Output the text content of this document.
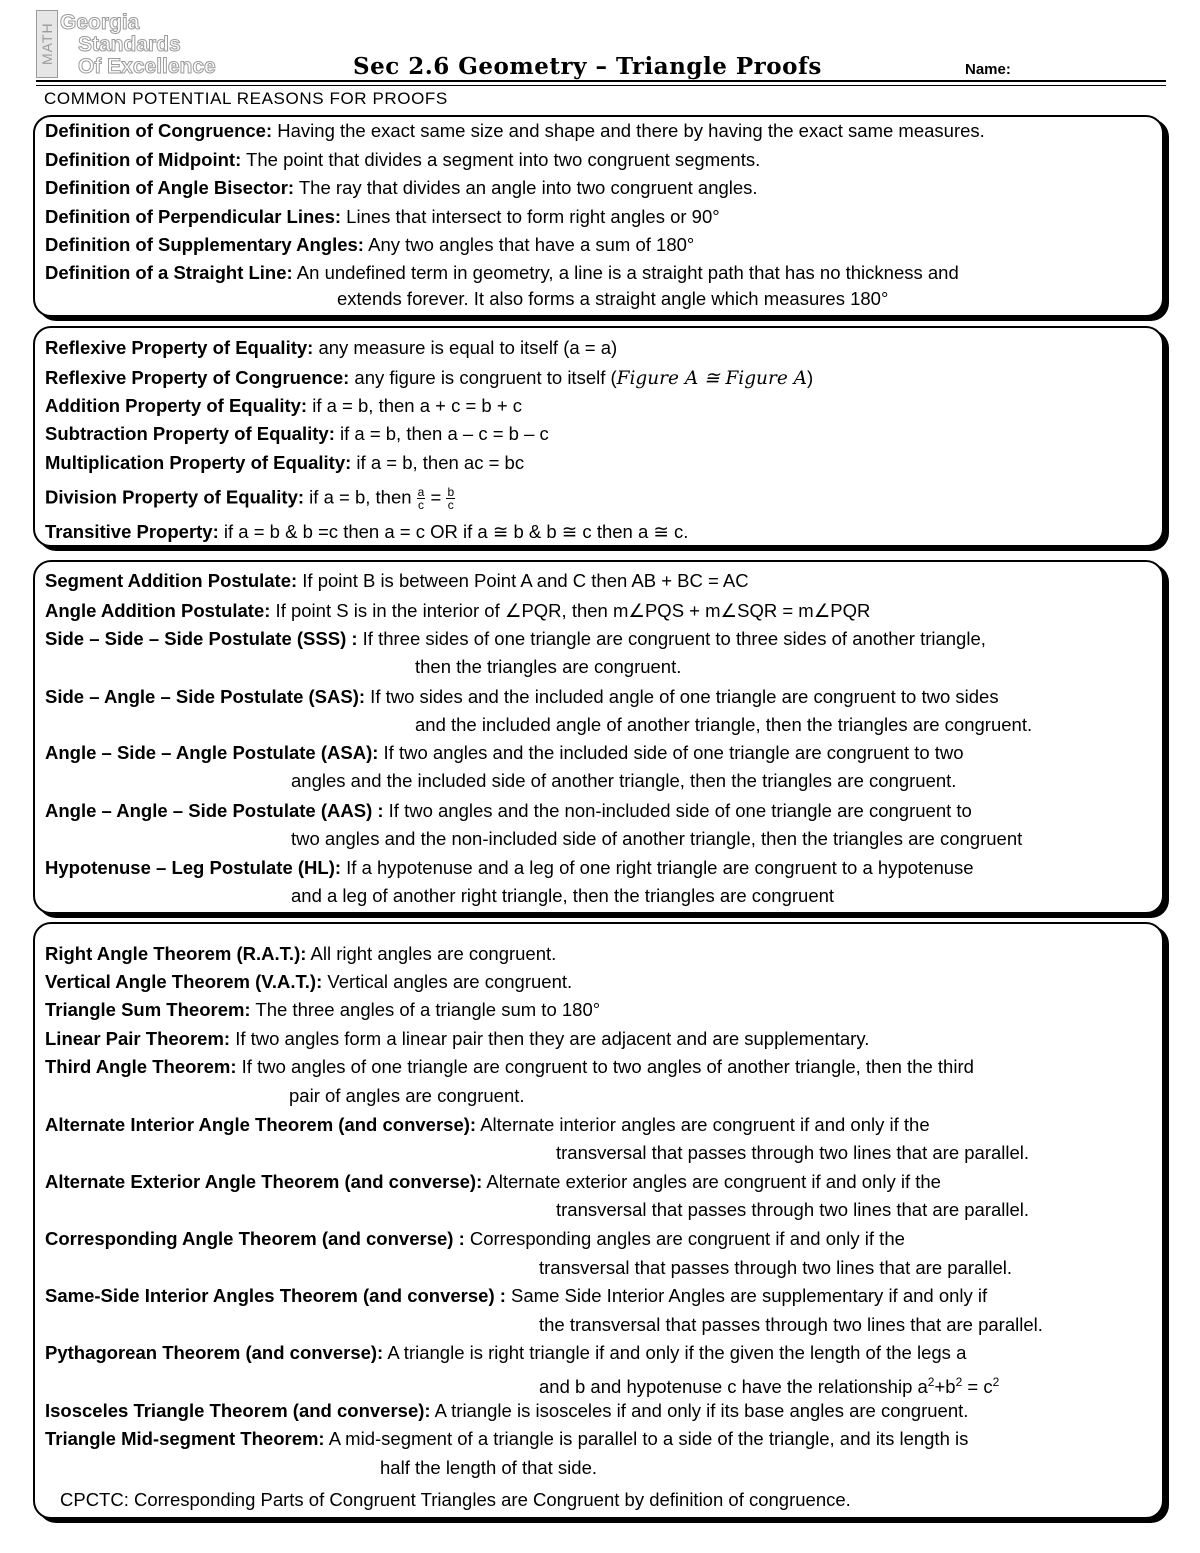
MATH
Georgia
Standards
Of Excellence	Sec 2.6 Geometry – Triangle Proofs	Name:
COMMON POTENTIAL REASONS FOR PROOFS
Definition of Congruence: Having the exact same size and shape and there by having the exact same measures.
Definition of Midpoint: The point that divides a segment into two congruent segments.
Definition of Angle Bisector: The ray that divides an angle into two congruent angles.
Definition of Perpendicular Lines: Lines that intersect to form right angles or 90°
Definition of Supplementary Angles: Any two angles that have a sum of 180°
Definition of a Straight Line: An undefined term in geometry, a line is a straight path that has no thickness and
extends forever. It also forms a straight angle which measures 180°
Reflexive Property of Equality: any measure is equal to itself (a = a)
Reflexive Property of Congruence: any figure is congruent to itself (Figure A ≅ Figure A)
Addition Property of Equality: if a = b, then a + c = b + c
Subtraction Property of Equality: if a = b, then a – c = b – c
Multiplication Property of Equality: if a = b, then ac = bc
Division Property of Equality: if a = b, then $\frac{a}{c} = \frac{b}{c}$
Transitive Property: if a = b & b =c then a = c OR if a ≅ b & b ≅ c then a ≅ c.
Segment Addition Postulate: If point B is between Point A and C then AB + BC = AC
Angle Addition Postulate: If point S is in the interior of ∠PQR, then m∠PQS + m∠SQR = m∠PQR
Side – Side – Side Postulate (SSS) : If three sides of one triangle are congruent to three sides of another triangle,
then the triangles are congruent.
Side – Angle – Side Postulate (SAS): If two sides and the included angle of one triangle are congruent to two sides
and the included angle of another triangle, then the triangles are congruent.
Angle – Side – Angle Postulate (ASA): If two angles and the included side of one triangle are congruent to two
angles and the included side of another triangle, then the triangles are congruent.
Angle – Angle – Side Postulate (AAS) : If two angles and the non-included side of one triangle are congruent to
two angles and the non-included side of another triangle, then the triangles are congruent
Hypotenuse – Leg Postulate (HL): If a hypotenuse and a leg of one right triangle are congruent to a hypotenuse
and a leg of another right triangle, then the triangles are congruent
Right Angle Theorem (R.A.T.): All right angles are congruent.
Vertical Angle Theorem (V.A.T.): Vertical angles are congruent.
Triangle Sum Theorem: The three angles of a triangle sum to 180°
Linear Pair Theorem: If two angles form a linear pair then they are adjacent and are supplementary.
Third Angle Theorem: If two angles of one triangle are congruent to two angles of another triangle, then the third
pair of angles are congruent.
Alternate Interior Angle Theorem (and converse): Alternate interior angles are congruent if and only if the
transversal that passes through two lines that are parallel.
Alternate Exterior Angle Theorem (and converse): Alternate exterior angles are congruent if and only if the
transversal that passes through two lines that are parallel.
Corresponding Angle Theorem (and converse) : Corresponding angles are congruent if and only if the
transversal that passes through two lines that are parallel.
Same-Side Interior Angles Theorem (and converse) : Same Side Interior Angles are supplementary if and only if
the transversal that passes through two lines that are parallel.
Pythagorean Theorem (and converse): A triangle is right triangle if and only if the given the length of the legs a
and b and hypotenuse c have the relationship $a^2+b^2 = c^2$
Isosceles Triangle Theorem (and converse): A triangle is isosceles if and only if its base angles are congruent.
Triangle Mid-segment Theorem: A mid-segment of a triangle is parallel to a side of the triangle, and its length is
half the length of that side.
CPCTC: Corresponding Parts of Congruent Triangles are Congruent by definition of congruence.
